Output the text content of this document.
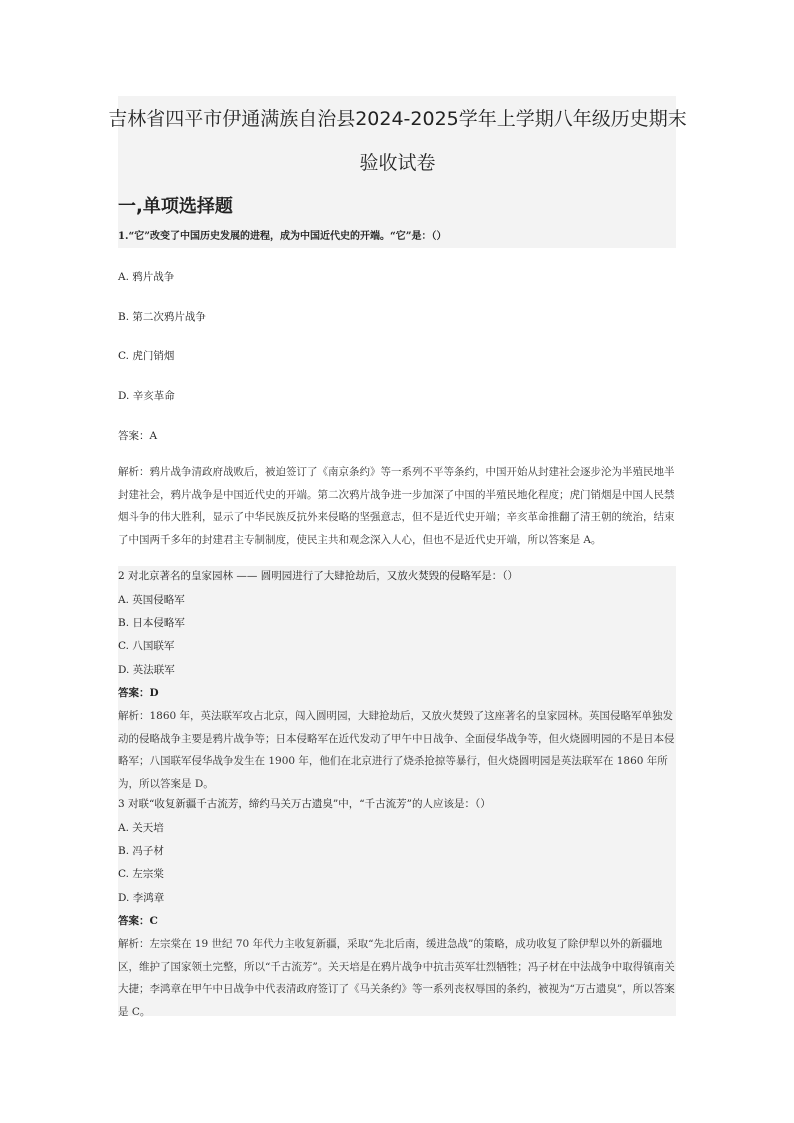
吉林省四平市伊通满族自治县2024-2025学年上学期八年级历史期末
验收试卷
一,单项选择题
1.“它”改变了中国历史发展的进程，成为中国近代史的开端。“它”是：（）
A. 鸦片战争
B. 第二次鸦片战争
C. 虎门销烟
D. 辛亥革命
答案：A
解析：鸦片战争清政府战败后，被迫签订了《南京条约》等一系列不平等条约，中国开始从封建社会逐步沦为半殖民地半封建社会，鸦片战争是中国近代史的开端。第二次鸦片战争进一步加深了中国的半殖民地化程度；虎门销烟是中国人民禁烟斗争的伟大胜利，显示了中华民族反抗外来侵略的坚强意志，但不是近代史开端；辛亥革命推翻了清王朝的统治，结束了中国两千多年的封建君主专制制度，使民主共和观念深入人心，但也不是近代史开端，所以答案是 A。
2 对北京著名的皇家园林 —— 圆明园进行了大肆抢劫后，又放火焚毁的侵略军是：（）
A. 英国侵略军
B. 日本侵略军
C. 八国联军
D. 英法联军
答案：D
解析：1860 年，英法联军攻占北京，闯入圆明园，大肆抢劫后，又放火焚毁了这座著名的皇家园林。英国侵略军单独发动的侵略战争主要是鸦片战争等；日本侵略军在近代发动了甲午中日战争、全面侵华战争等，但火烧圆明园的不是日本侵略军；八国联军侵华战争发生在 1900 年，他们在北京进行了烧杀抢掠等暴行，但火烧圆明园是英法联军在 1860 年所为，所以答案是 D。
3 对联“收复新疆千古流芳，缔约马关万古遗臭”中，“千古流芳”的人应该是：（）
A. 关天培
B. 冯子材
C. 左宗棠
D. 李鸿章
答案：C
解析：左宗棠在 19 世纪 70 年代力主收复新疆，采取“先北后南，缓进急战”的策略，成功收复了除伊犁以外的新疆地区，维护了国家领土完整，所以“千古流芳”。关天培是在鸦片战争中抗击英军壮烈牺牲；冯子材在中法战争中取得镇南关大捷；李鸿章在甲午中日战争中代表清政府签订了《马关条约》等一系列丧权辱国的条约，被视为“万古遗臭”，所以答案是 C。
